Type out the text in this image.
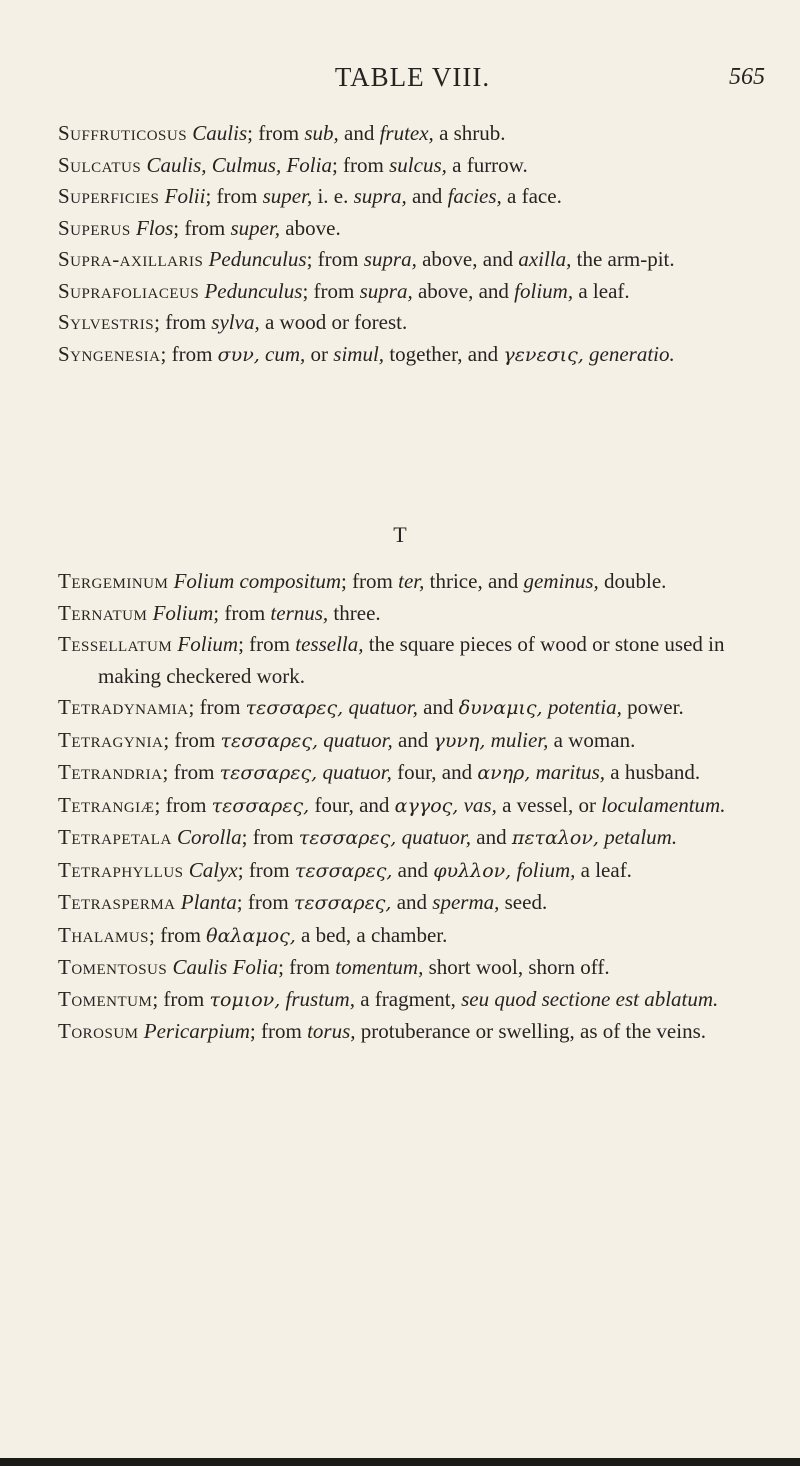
TABLE VIII.	565

Suffruticosus Caulis; from sub, and frutex, a shrub.

Sulcatus Caulis, Culmus, Folia; from sulcus, a furrow.

Superficies Folii; from super, i. e. supra, and facies, a face.

Superus Flos; from super, above.

Supra-axillaris Pedunculus; from supra, above, and axilla, the arm-pit.

Suprafoliaceus Pedunculus; from supra, above, and folium, a leaf.

Sylvestris; from sylva, a wood or forest.

Syngenesia; from συν, cum, or simul, together, and γενεσις, generatio.

T

Tergeminum Folium compositum; from ter, thrice, and geminus, double.

Ternatum Folium; from ternus, three.

Tessellatum Folium; from tessella, the square pieces of wood or stone used in making checkered work.

Tetradynamia; from τεσσαρες, quatuor, and δυναμις, potentia, power.

Tetragynia; from τεσσαρες, quatuor, and γυνη, mulier, a woman.

Tetrandria; from τεσσαρες, quatuor, four, and ανηρ, maritus, a husband.

Tetrangiæ; from τεσσαρες, four, and αγγος, vas, a vessel, or loculamentum.

Tetrapetala Corolla; from τεσσαρες, quatuor, and πεταλον, petalum.

Tetraphyllus Calyx; from τεσσαρες, and φυλλον, folium, a leaf.

Tetrasperma Planta; from τεσσαρες, and sperma, seed.

Thalamus; from θαλαμος, a bed, a chamber.

Tomentosus Caulis Folia; from tomentum, short wool, shorn off.

Tomentum; from τομιον, frustum, a fragment, seu quod sectione est ablatum.

Torosum Pericarpium; from torus, protuberance or swelling, as of the veins.
